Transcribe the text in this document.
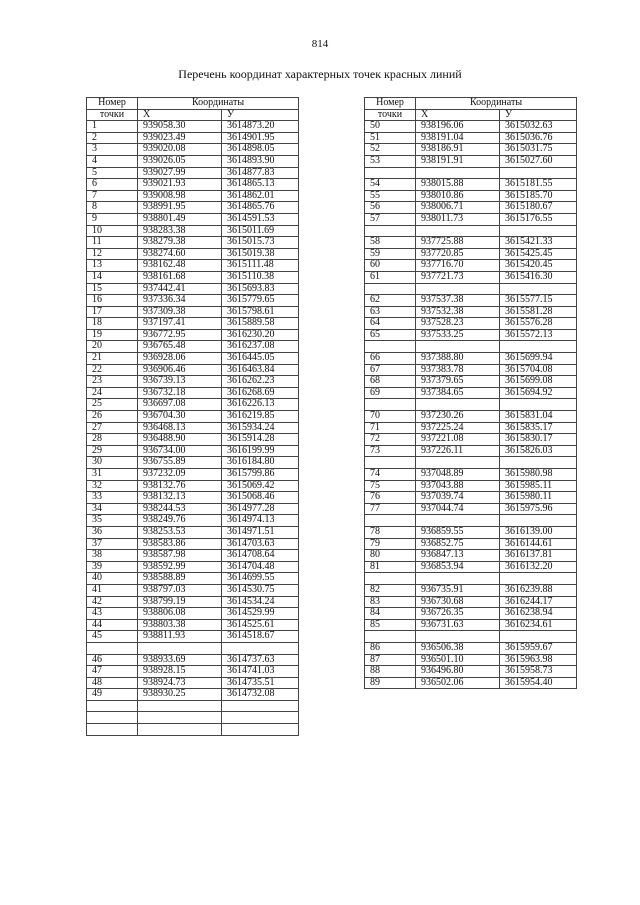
814
Перечень координат характерных точек красных линий
Номер	Координаты	
точки	X	У
1	939058.30	3614873.20
2	939023.49	3614901.95
3	939020.08	3614898.05
4	939026.05	3614893.90
5	939027.99	3614877.83
6	939021.93	3614865.13
7	939008.98	3614862.01
8	938991.95	3614865.76
9	938801.49	3614591.53
10	938283.38	3615011.69
11	938279.38	3615015.73
12	938274.60	3615019.38
13	938162.48	3615111.48
14	938161.68	3615110.38
15	937442.41	3615693.83
16	937336.34	3615779.65
17	937309.38	3615798.61
18	937197.41	3615889.58
19	936772.95	3616230.20
20	936765.48	3616237.08
21	936928.06	3616445.05
22	936906.46	3616463.84
23	936739.13	3616262.23
24	936732.18	3616268.69
25	936697.08	3616226.13
26	936704.30	3616219.85
27	936468.13	3615934.24
28	936488.90	3615914.28
29	936734.00	3616199.99
30	936755.89	3616184.80
31	937232.09	3615799.86
32	938132.76	3615069.42
33	938132.13	3615068.46
34	938244.53	3614977.28
35	938249.76	3614974.13
36	938253.53	3614971.51
37	938583.86	3614703.63
38	938587.98	3614708.64
39	938592.99	3614704.48
40	938588.89	3614699.55
41	938797.03	3614530.75
42	938799.19	3614534.24
43	938806.08	3614529.99
44	938803.38	3614525.61
45	938811.93	3614518.67

46	938933.69	3614737.63
47	938928.15	3614741.03
48	938924.73	3614735.51
49	938930.25	3614732.08

Номер	Координаты	
точки	X	У
50	938196.06	3615032.63
51	938191.04	3615036.76
52	938186.91	3615031.75
53	938191.91	3615027.60

54	938015.88	3615181.55
55	938010.86	3615185.70
56	938006.71	3615180.67
57	938011.73	3615176.55

58	937725.88	3615421.33
59	937720.85	3615425.45
60	937716.70	3615420.45
61	937721.73	3615416.30

62	937537.38	3615577.15
63	937532.38	3615581.28
64	937528.23	3615576.28
65	937533.25	3615572.13

66	937388.80	3615699.94
67	937383.78	3615704.08
68	937379.65	3615699.08
69	937384.65	3615694.92

70	937230.26	3615831.04
71	937225.24	3615835.17
72	937221.08	3615830.17
73	937226.11	3615826.03

74	937048.89	3615980.98
75	937043.88	3615985.11
76	937039.74	3615980.11
77	937044.74	3615975.96

78	936859.55	3616139.00
79	936852.75	3616144.61
80	936847.13	3616137.81
81	936853.94	3616132.20

82	936735.91	3616239.88
83	936730.68	3616244.17
84	936726.35	3616238.94
85	936731.63	3616234.61

86	936506.38	3615959.67
87	936501.10	3615963.98
88	936496.80	3615958.73
89	936502.06	3615954.40
